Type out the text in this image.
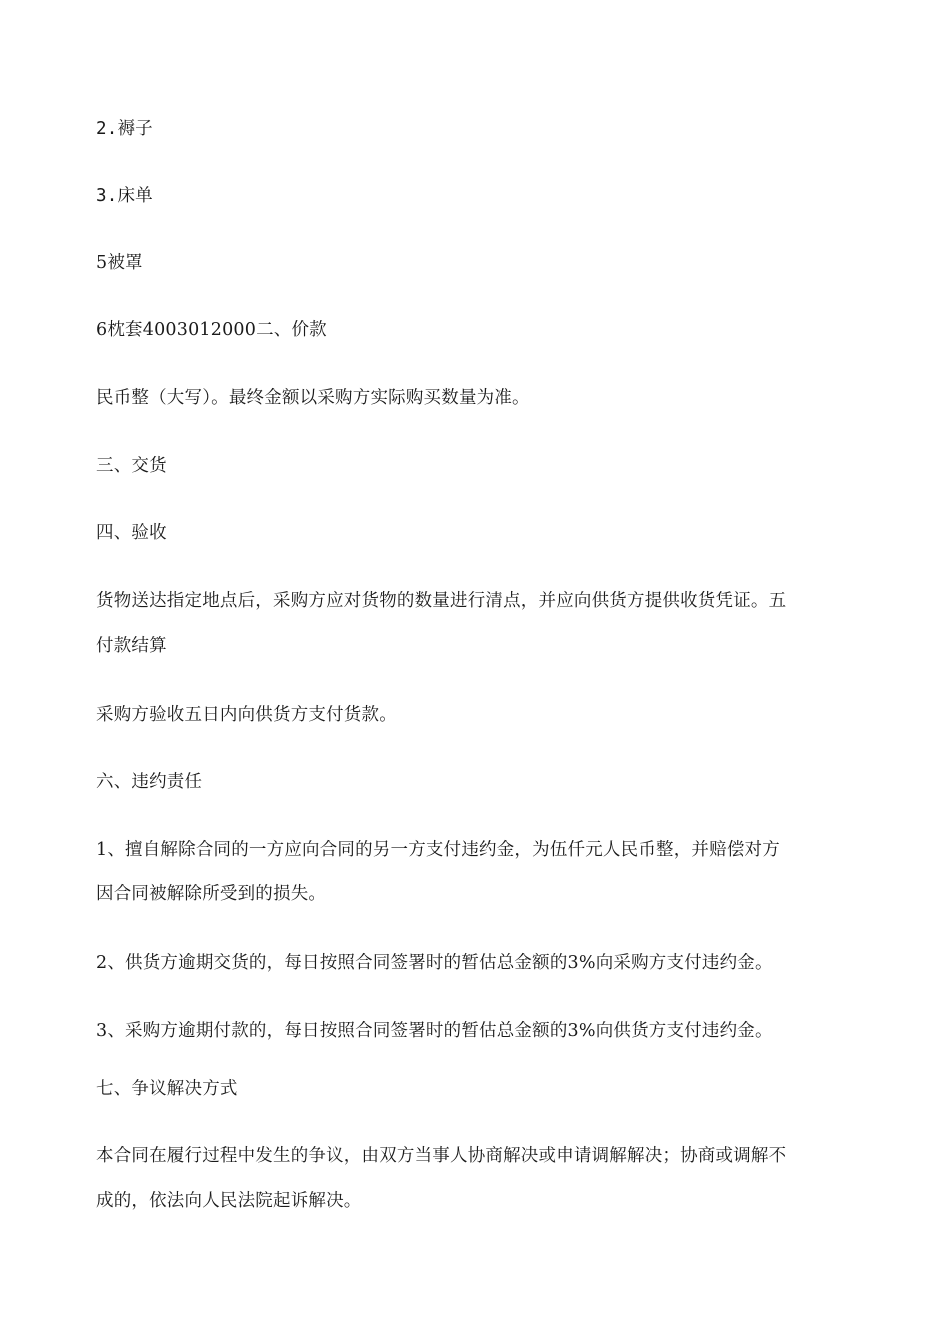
2.褥子
3.床单
5被罩
6枕套4003012000二、价款
民币整（大写）。最终金额以采购方实际购买数量为准。
三、交货
四、验收
货物送达指定地点后，采购方应对货物的数量进行清点，并应向供货方提供收货凭证。五
付款结算
采购方验收五日内向供货方支付货款。
六、违约责任
1、擅自解除合同的一方应向合同的另一方支付违约金，为伍仟元人民币整，并赔偿对方
因合同被解除所受到的损失。
2、供货方逾期交货的，每日按照合同签署时的暂估总金额的3%向采购方支付违约金。
3、采购方逾期付款的，每日按照合同签署时的暂估总金额的3%向供货方支付违约金。
七、争议解决方式
本合同在履行过程中发生的争议，由双方当事人协商解决或申请调解解决；协商或调解不
成的，依法向人民法院起诉解决。
